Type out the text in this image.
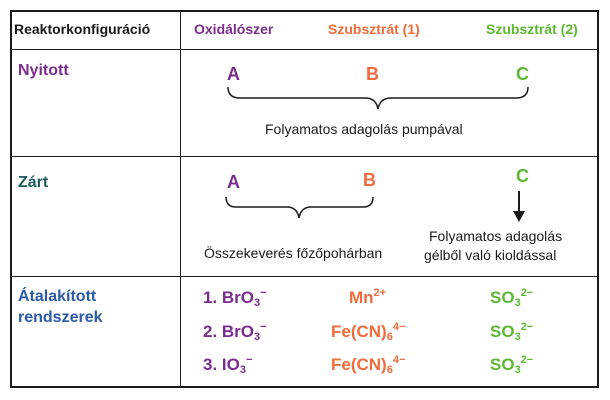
Reaktorkonfiguráció	Oxidálószer	Szubsztrát (1)	Szubsztrát (2)
Nyitott	A	B	C
Folyamatos adagolás pumpával
Zárt	A	B	C
Összekeverés főzőpohárban
Folyamatos adagolás
gélből való kioldással
Átalakított
rendszerek
1. BrO$_3$−	$Mn^{2+}$	$SO_3^{2-}$
2. BrO$_3$−	$Fe(CN)_6^{4-}$	$SO_3^{2-}$
3. $IO_3^-$	$Fe(CN)_6^{4-}$	$SO_3^{2-}$
